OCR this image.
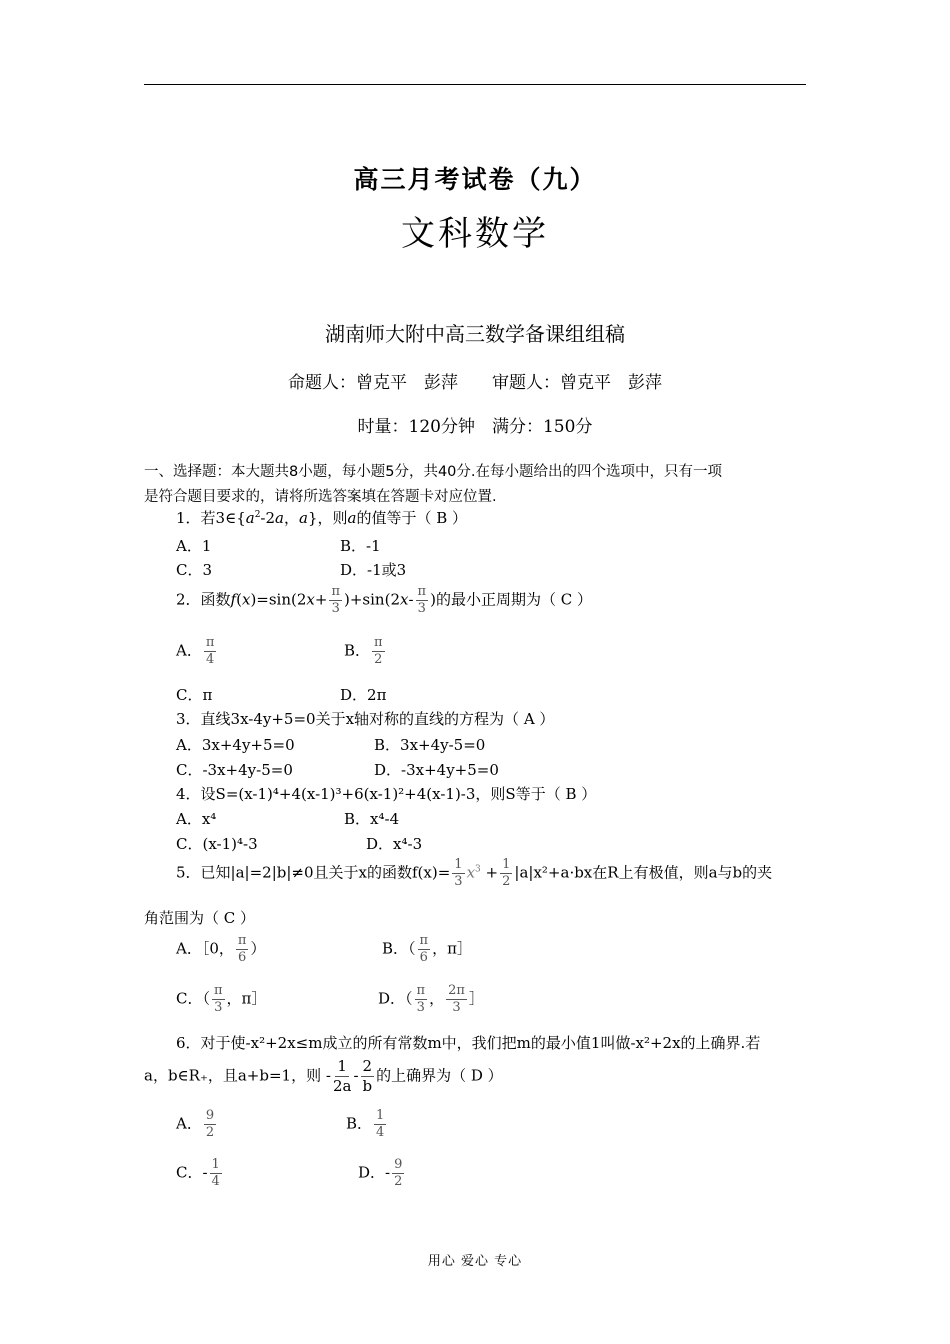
高三月考试卷（九）
文科数学
湖南师大附中高三数学备课组组稿
命题人：曾克平　彭萍　　审题人：曾克平　彭萍
时量：120分钟　满分：150分
一、选择题：本大题共8小题，每小题5分，共40分.在每小题给出的四个选项中，只有一项
是符合题目要求的，请将所选答案填在答题卡对应位置.
1．若$3\in\{a^2-2a$，a}，则a的值等于（ B ）
A．1	B．-1
C．3	D．-1或3
2．函数$f(x)=\sin(2x+ \frac{\pi}{3} )+\sin(2x- \frac{\pi}{3}$ )的最小正周期为（ C ）
A． $\frac{\pi}{4}$	B． $\frac{\pi}{2}$
C．π	D．2π
3．直线3x-4y+5=0关于x轴对称的直线的方程为（ A ）
A．3x+4y+5=0	B．3x+4y-5=0
C．-3x+4y-5=0	D．-3x+4y+5=0
4．设S=(x-1)⁴+4(x-1)³+6(x-1)²+4(x-1)-3，则S等于（ B ）
A．x⁴	B．x⁴-4
C．(x-1)⁴-3	D．x⁴-3
5．已知|a|=2|b|≠0且关于x的函数$f(x)= \frac{1}{3} x^3 + \frac{1}{2} |a|x^2+a\cdot bx$在R上有极值，则a与b的夹
角范围为（ C ）
A．［0， $\frac{\pi}{6}$ ）	B．（ $\frac{\pi}{6}$ ，π］
C．（ $\frac{\pi}{3}$ ，π］	D．（ $\frac{\pi}{3}$ ， $\frac{2\pi}{3}$ ］
6．对于使-x²+2x≤m成立的所有常数m中，我们把m的最小值1叫做-x²+2x的上确界.若
a，b∈R₊，且a+b=1，则 - $\frac{1}{2a} - \frac{2}{b}$ 的上确界为（ D ）
A． $\frac{9}{2}$	B． $\frac{1}{4}$
C．- $\frac{1}{4}$	D．- $\frac{9}{2}$
用心 爱心 专心
